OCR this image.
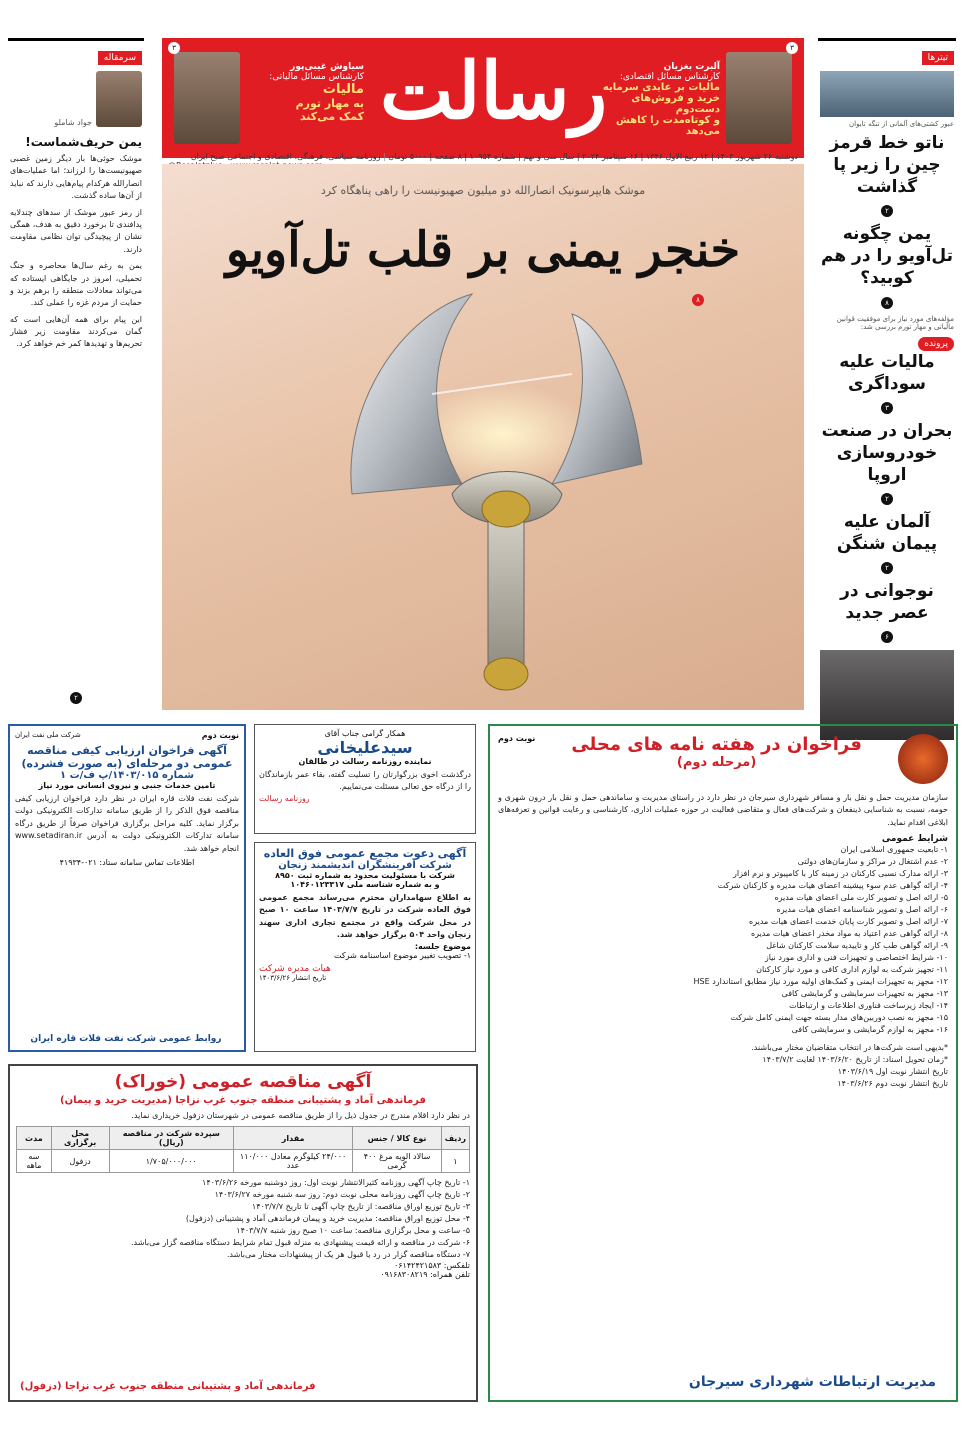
سرمقاله
جواد شاملو
یمن حریف‌شماست!

موشک حوثی‌ها بار دیگر زمین غصبی صهیونیست‌ها را لرزاند؛ اما عملیات‌های انصارالله هرکدام پیام‌هایی دارند که نباید از آن‌ها ساده گذشت.

از رمز عبور موشک از سدهای چندلایه پدافندی تا برخورد دقیق به هدف، همگی نشان از پیچیدگی توان نظامی مقاومت دارند.

یمن به رغم سال‌ها محاصره و جنگ تحمیلی، امروز در جایگاهی ایستاده که می‌تواند معادلات منطقه را برهم بزند و حمایت از مردم غزه را عملی کند.

این پیام برای همه آن‌هایی است که گمان می‌کردند مقاومت زیر فشار تحریم‌ها و تهدیدها کمر خم خواهد کرد.

۲
سیاوش غیبی‌پور
کارشناس مسائل مالیاتی:
مالیات
به مهار تورم
کمک می‌کند
۳
آلبرت بغزیان
کارشناس مسائل اقتصادی:
مالیات بر عایدی سرمایه
خرید و فروش‌های دست‌دوم
و کوتاه‌مدت را کاهش می‌دهد
۳
رسالت
دوشنبه ۲۶ شهریور ۱۴۰۳ | ۱۲ ربیع الاول ۱۴۴۶ | ۱۶ سپتامبر ۲۰۲۴ | سال سی و نهم | شماره ۱۰۹۵۴ | ۸ صفحه | ۵۰۰۰ تومان | روزنامه سیاسی، فرهنگی، اقتصادی و اجتماعی صبح ایران
موشک هایپرسونیک انصارالله دو میلیون صهیونیست را راهی پناهگاه کرد
خنجر یمنی بر قلب تل‌آویو
۸
تیترها
عبور کشتی‌های آلمانی از تنگه تایوان
ناتو خط قرمز چین را زیر پا گذاشت
۲
یمن چگونه تل‌آویو را در هم کوبید؟
۸
مؤلفه‌های مورد نیاز برای موفقیت قوانین مالیاتی و مهار تورم بررسی شد:
پرونده
مالیات علیه سوداگری
۳
بحران در صنعت خودروسازی اروپا
۲
آلمان علیه پیمان شنگن
۲
نوجوانی در عصر جدید
۶
فراخوان در هفته نامه های محلی
(مرحله دوم)
نوبت دوم
سازمان مدیریت حمل و نقل بار و مسافر شهرداری سیرجان در نظر دارد در راستای مدیریت و ساماندهی حمل و نقل بار درون شهری و حومه، نسبت به شناسایی ذینفعان و شرکت‌های فعال و متقاضی فعالیت در حوزه عملیات اداری، کارشناسی و رعایت قوانین و تعرفه‌های ابلاغی اقدام نماید.
شرایط عمومی
۱- تابعیت جمهوری اسلامی ایران
۲- عدم اشتغال در مراکز و سازمان‌های دولتی
۳- ارائه مدارک نسبی کارکنان در زمینه کار با کامپیوتر و نرم افزار
۴- ارائه گواهی عدم سوء پیشینه اعضای هیات مدیره و کارکنان شرکت
۵- ارائه اصل و تصویر کارت ملی اعضای هیات مدیره
۶- ارائه اصل و تصویر شناسنامه اعضای هیات مدیره
۷- ارائه اصل و تصویر کارت پایان خدمت اعضای هیات مدیره
۸- ارائه گواهی عدم اعتیاد به مواد مخدر اعضای هیات مدیره
۹- ارائه گواهی طب کار و تاییدیه سلامت کارکنان شاغل
۱۰- شرایط اختصاصی و تجهیزات فنی و اداری مورد نیاز
۱۱- تجهیز شرکت به لوازم اداری کافی و مورد نیاز کارکنان
۱۲- مجهز به تجهیزات ایمنی و کمک‌های اولیه مورد نیاز مطابق استاندارد HSE
۱۳- مجهز به تجهیزات سرمایشی و گرمایشی کافی
۱۴- ایجاد زیرساخت فناوری اطلاعات و ارتباطات
۱۵- مجهز به نصب دوربین‌های مدار بسته جهت ایمنی کامل شرکت
۱۶- مجهز به لوازم گرمایشی و سرمایشی کافی
*بدیهی است شرکت‌ها در انتخاب متقاضیان مختار می‌باشند.
*زمان تحویل اسناد: از تاریخ ۱۴۰۳/۶/۲۰ لغایت ۱۴۰۳/۷/۲
تاریخ انتشار نوبت اول ۱۴۰۳/۶/۱۹
تاریخ انتشار نوبت دوم ۱۴۰۳/۶/۲۶
مدیریت ارتباطات شهرداری سیرجان
همکار گرامی جناب آقای
سیدعلیخانی
نماینده روزنامه رسالت در طالقان
درگذشت اخوی بزرگوارتان را تسلیت گفته، بقاء عمر بازماندگان را از درگاه حق تعالی مسئلت می‌نماییم.
روزنامه رسالت
آگهی دعوت مجمع عمومی فوق العاده
شرکت آفرینشگران اندیشمند زنجان
شرکت با مسئولیت محدود به شماره ثبت ۸۹۵۰
و به شماره شناسه ملی ۱۰۴۶۰۱۲۳۳۱۷
به اطلاع سهامداران محترم می‌رساند مجمع عمومی فوق العاده شرکت در تاریخ ۱۴۰۳/۷/۷ ساعت ۱۰ صبح در محل شرکت واقع در مجتمع تجاری اداری سهند زنجان واحد ۵۰۴ برگزار خواهد شد.
موضوع جلسه:
۱- تصویب تغییر موضوع اساسنامه شرکت
هیات مدیره شرکت
تاریخ انتشار ۱۴۰۳/۶/۲۶
نوبت دوم
شرکت ملی نفت ایران
آگهی فراخوان ارزیابی کیفی مناقصه عمومی دو مرحله‌ای (به صورت فشرده)
شماره ۱۴۰۳/۰۱۵/پ ف/ت ۱
تامین خدمات جنبی و نیروی انسانی مورد نیاز
شرکت نفت فلات قاره ایران در نظر دارد فراخوان ارزیابی کیفی مناقصه فوق الذکر را از طریق سامانه تدارکات الکترونیکی دولت برگزار نماید. کلیه مراحل برگزاری فراخوان صرفاً از طریق درگاه سامانه تدارکات الکترونیکی دولت به آدرس www.setadiran.ir انجام خواهد شد.
اطلاعات تماس سامانه ستاد: ۰۲۱-۴۱۹۳۴
روابط عمومی شرکت نفت فلات قاره ایران
آگهی مناقصه عمومی (خوراک)
فرماندهی آماد و پشتیبانی منطقه جنوب غرب نزاجا (مدیریت خرید و پیمان)
در نظر دارد اقلام مندرج در جدول ذیل را از طریق مناقصه عمومی در شهرستان دزفول خریداری نماید.
ردیف	نوع کالا / جنس	مقدار	سپرده شرکت در مناقصه (ریال)	محل برگزاری	مدت
۱	سالاد الویه مرغ ۴۰۰ گرمی	۲۴/۰۰۰ کیلوگرم معادل ۱۱۰/۰۰۰ عدد	۱/۷۰۵/۰۰۰/۰۰۰	دزفول	سه ماهه
۱- تاریخ چاپ آگهی روزنامه کثیرالانتشار نوبت اول: روز دوشنبه مورخه ۱۴۰۳/۶/۲۶
۲- تاریخ چاپ آگهی روزنامه محلی نوبت دوم: روز سه شنبه مورخه ۱۴۰۳/۶/۲۷
۳- تاریخ توزیع اوراق مناقصه: از تاریخ چاپ آگهی تا تاریخ ۱۴۰۳/۷/۷
۴- محل توزیع اوراق مناقصه: مدیریت خرید و پیمان فرماندهی آماد و پشتیبانی (دزفول)
۵- ساعت و محل برگزاری مناقصه: ساعت ۱۰ صبح روز شنبه ۱۴۰۳/۷/۷
۶- شرکت در مناقصه و ارائه قیمت پیشنهادی به منزله قبول تمام شرایط دستگاه مناقصه گزار می‌باشد.
۷- دستگاه مناقصه گزار در رد یا قبول هر یک از پیشنهادات مختار می‌باشد.
تلفکس: ۰۶۱۴۲۴۲۱۵۸۳
تلفن همراه: ۰۹۱۶۸۳۰۸۲۱۹
فرماندهی آماد و پشتیبانی منطقه جنوب غرب نزاجا (دزفول)
